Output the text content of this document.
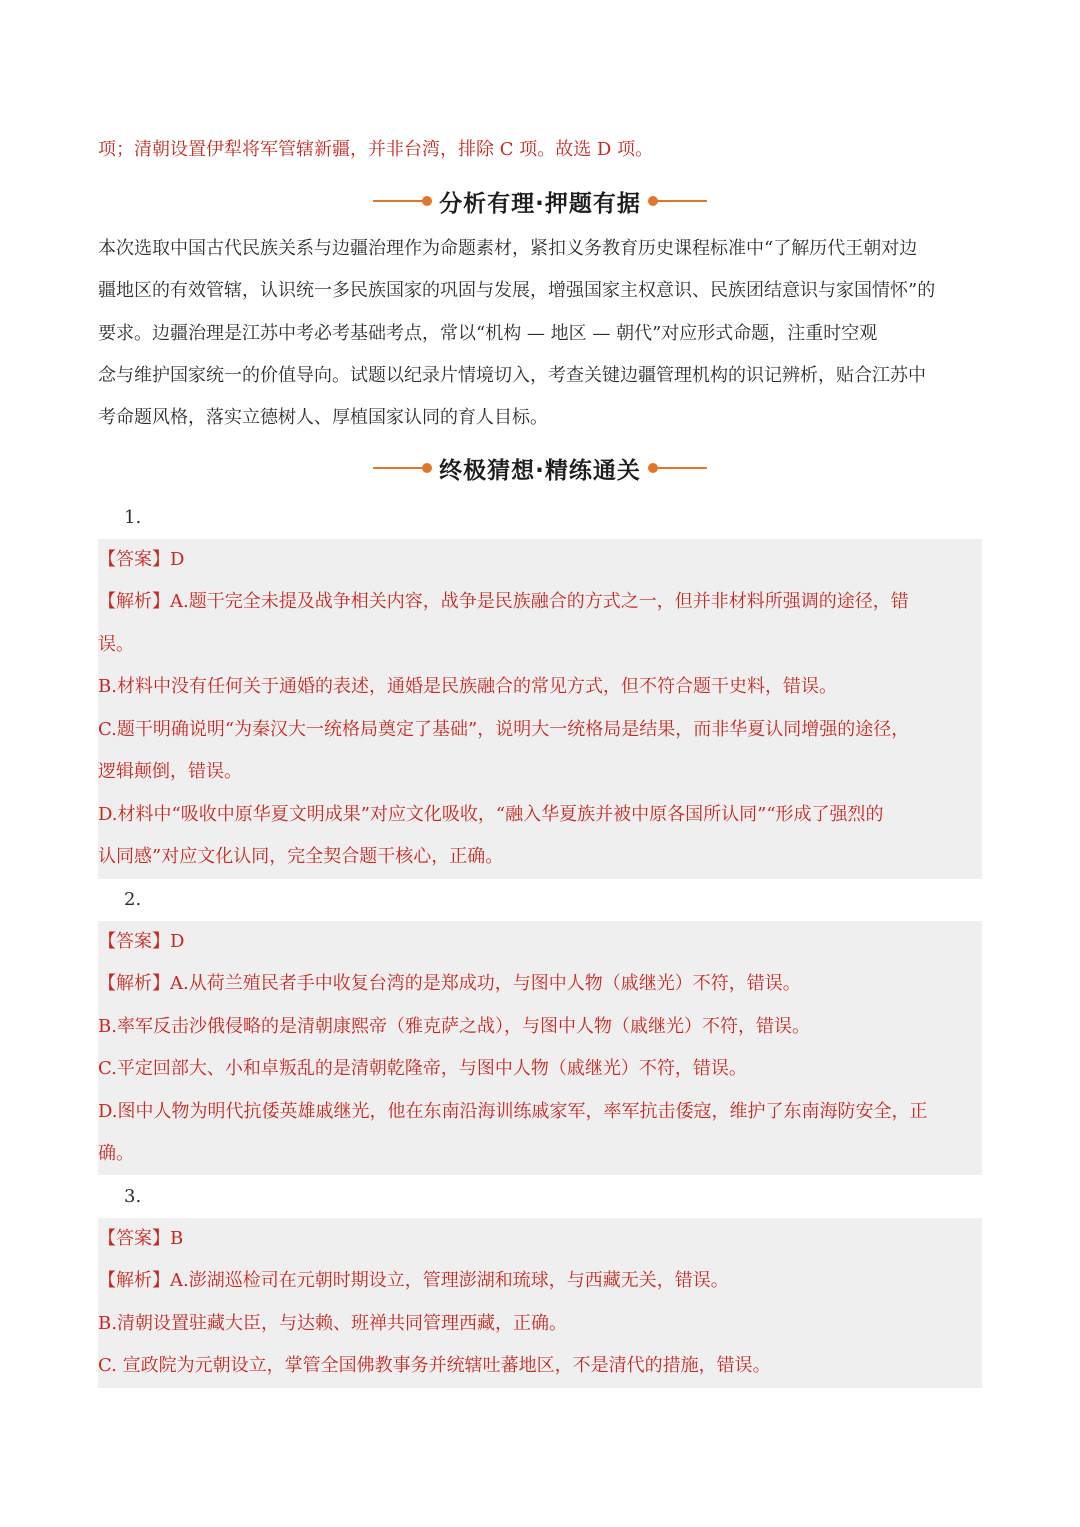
项；清朝设置伊犁将军管辖新疆，并非台湾，排除 C 项。故选 D 项。
分析有理·押题有据
本次选取中国古代民族关系与边疆治理作为命题素材，紧扣义务教育历史课程标准中“了解历代王朝对边
疆地区的有效管辖，认识统一多民族国家的巩固与发展，增强国家主权意识、民族团结意识与家国情怀”的
要求。边疆治理是江苏中考必考基础考点，常以“机构 — 地区 — 朝代”对应形式命题，注重时空观
念与维护国家统一的价值导向。试题以纪录片情境切入，考查关键边疆管理机构的识记辨析，贴合江苏中
考命题风格，落实立德树人、厚植国家认同的育人目标。
终极猜想·精练通关
1.
【答案】D
【解析】A.题干完全未提及战争相关内容，战争是民族融合的方式之一，但并非材料所强调的途径，错
误。
B.材料中没有任何关于通婚的表述，通婚是民族融合的常见方式，但不符合题干史料，错误。
C.题干明确说明“为秦汉大一统格局奠定了基础”，说明大一统格局是结果，而非华夏认同增强的途径，
逻辑颠倒，错误。
D.材料中“吸收中原华夏文明成果”对应文化吸收，“融入华夏族并被中原各国所认同”“形成了强烈的
认同感”对应文化认同，完全契合题干核心，正确。
2.
【答案】D
【解析】A.从荷兰殖民者手中收复台湾的是郑成功，与图中人物（戚继光）不符，错误。
B.率军反击沙俄侵略的是清朝康熙帝（雅克萨之战），与图中人物（戚继光）不符，错误。
C.平定回部大、小和卓叛乱的是清朝乾隆帝，与图中人物（戚继光）不符，错误。
D.图中人物为明代抗倭英雄戚继光，他在东南沿海训练戚家军，率军抗击倭寇，维护了东南海防安全，正
确。
3.
【答案】B
【解析】A.澎湖巡检司在元朝时期设立，管理澎湖和琉球，与西藏无关，错误。
B.清朝设置驻藏大臣，与达赖、班禅共同管理西藏，正确。
C. 宣政院为元朝设立，掌管全国佛教事务并统辖吐蕃地区，不是清代的措施，错误。
